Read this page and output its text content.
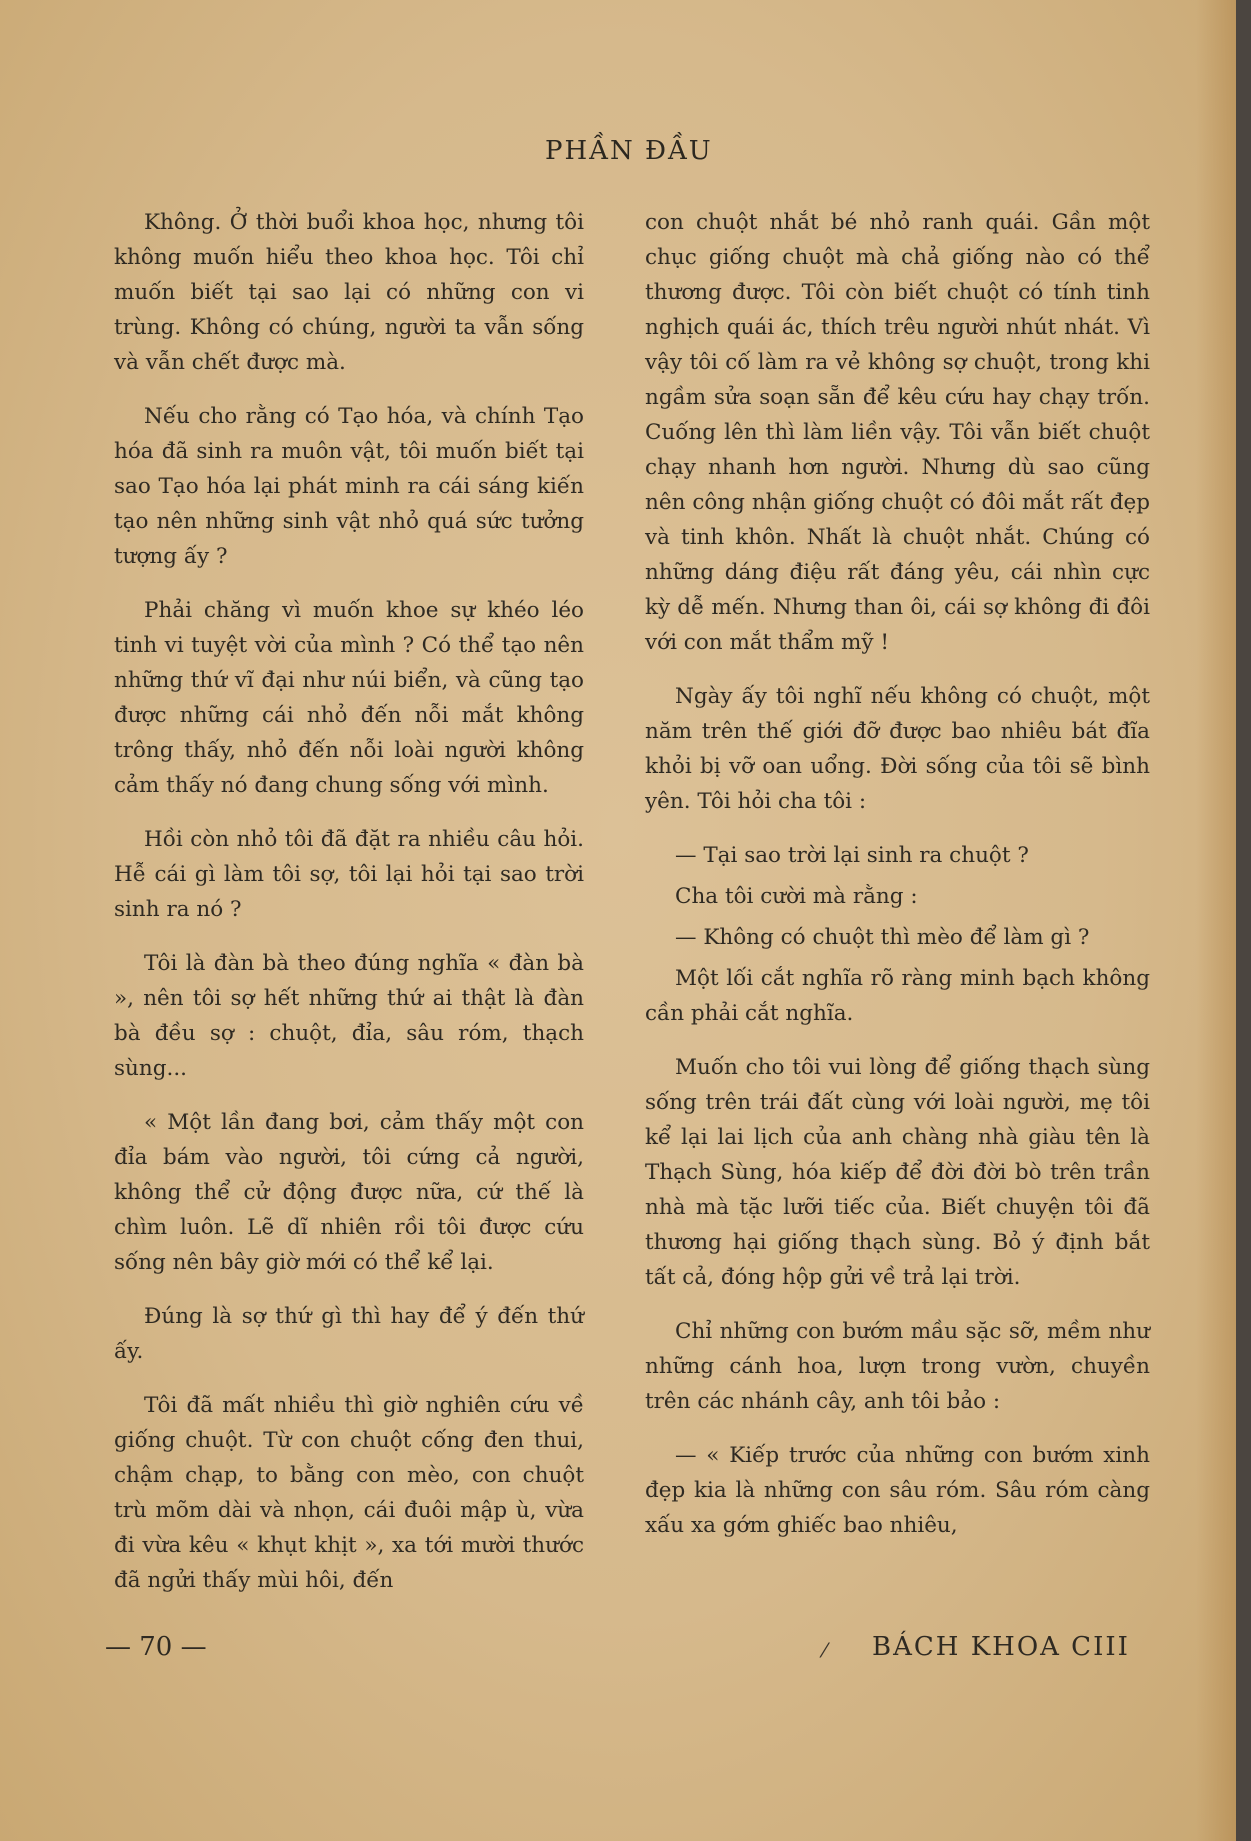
PHẦN ĐẦU

Không. Ở thời buổi khoa học, nhưng tôi không muốn hiểu theo khoa học. Tôi chỉ muốn biết tại sao lại có những con vi trùng. Không có chúng, người ta vẫn sống và vẫn chết được mà.

Nếu cho rằng có Tạo hóa, và chính Tạo hóa đã sinh ra muôn vật, tôi muốn biết tại sao Tạo hóa lại phát minh ra cái sáng kiến tạo nên những sinh vật nhỏ quá sức tưởng tượng ấy ?

Phải chăng vì muốn khoe sự khéo léo tinh vi tuyệt vời của mình ? Có thể tạo nên những thứ vĩ đại như núi biển, và cũng tạo được những cái nhỏ đến nỗi mắt không trông thấy, nhỏ đến nỗi loài người không cảm thấy nó đang chung sống với mình.

Hồi còn nhỏ tôi đã đặt ra nhiều câu hỏi. Hễ cái gì làm tôi sợ, tôi lại hỏi tại sao trời sinh ra nó ?

Tôi là đàn bà theo đúng nghĩa « đàn bà », nên tôi sợ hết những thứ ai thật là đàn bà đều sợ : chuột, đỉa, sâu róm, thạch sùng...

« Một lần đang bơi, cảm thấy một con đỉa bám vào người, tôi cứng cả người, không thể cử động được nữa, cứ thế là chìm luôn. Lẽ dĩ nhiên rồi tôi được cứu sống nên bây giờ mới có thể kể lại.

Đúng là sợ thứ gì thì hay để ý đến thứ ấy.

Tôi đã mất nhiều thì giờ nghiên cứu về giống chuột. Từ con chuột cống đen thui, chậm chạp, to bằng con mèo, con chuột trù mõm dài và nhọn, cái đuôi mập ù, vừa đi vừa kêu « khụt khịt », xa tới mười thước đã ngửi thấy mùi hôi, đến

con chuột nhắt bé nhỏ ranh quái. Gần một chục giống chuột mà chả giống nào có thể thương được. Tôi còn biết chuột có tính tinh nghịch quái ác, thích trêu người nhút nhát. Vì vậy tôi cố làm ra vẻ không sợ chuột, trong khi ngầm sửa soạn sẵn để kêu cứu hay chạy trốn. Cuống lên thì làm liền vậy. Tôi vẫn biết chuột chạy nhanh hơn người. Nhưng dù sao cũng nên công nhận giống chuột có đôi mắt rất đẹp và tinh khôn. Nhất là chuột nhắt. Chúng có những dáng điệu rất đáng yêu, cái nhìn cực kỳ dễ mến. Nhưng than ôi, cái sợ không đi đôi với con mắt thẩm mỹ !

Ngày ấy tôi nghĩ nếu không có chuột, một năm trên thế giới đỡ được bao nhiêu bát đĩa khỏi bị vỡ oan uổng. Đời sống của tôi sẽ bình yên. Tôi hỏi cha tôi :

— Tại sao trời lại sinh ra chuột ?

Cha tôi cười mà rằng :

— Không có chuột thì mèo để làm gì ?

Một lối cắt nghĩa rõ ràng minh bạch không cần phải cắt nghĩa.

Muốn cho tôi vui lòng để giống thạch sùng sống trên trái đất cùng với loài người, mẹ tôi kể lại lai lịch của anh chàng nhà giàu tên là Thạch Sùng, hóa kiếp để đời đời bò trên trần nhà mà tặc lưỡi tiếc của. Biết chuyện tôi đã thương hại giống thạch sùng. Bỏ ý định bắt tất cả, đóng hộp gửi về trả lại trời.

Chỉ những con bướm mầu sặc sỡ, mềm như những cánh hoa, lượn trong vườn, chuyền trên các nhánh cây, anh tôi bảo :

— « Kiếp trước của những con bướm xinh đẹp kia là những con sâu róm. Sâu róm càng xấu xa gớm ghiếc bao nhiêu,

— 70 —	⁄ BÁCH KHOA CIII
